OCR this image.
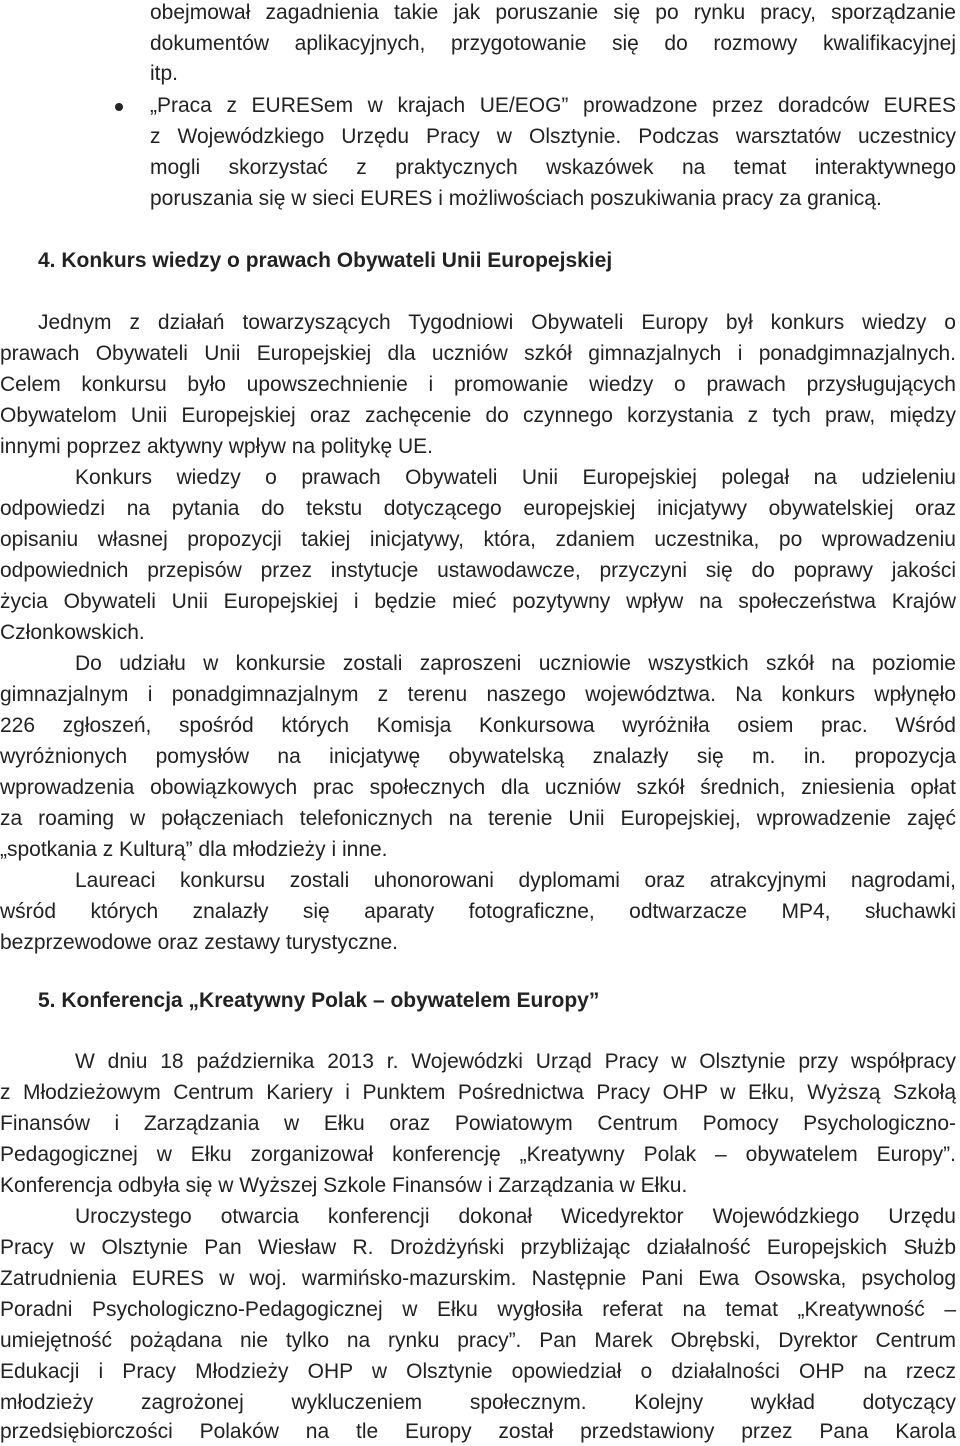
obejmował zagadnienia takie jak poruszanie się po rynku pracy, sporządzanie
dokumentów aplikacyjnych, przygotowanie się do rozmowy kwalifikacyjnej
itp.
„Praca z EURESem w krajach UE/EOG” prowadzone przez doradców EURES
z Wojewódzkiego Urzędu Pracy w Olsztynie. Podczas warsztatów uczestnicy
mogli skorzystać z praktycznych wskazówek na temat interaktywnego
poruszania się w sieci EURES i możliwościach poszukiwania pracy za granicą.
4. Konkurs wiedzy o prawach Obywateli Unii Europejskiej
Jednym z działań towarzyszących Tygodniowi Obywateli Europy był konkurs wiedzy o
prawach Obywateli Unii Europejskiej dla uczniów szkół gimnazjalnych i ponadgimnazjalnych.
Celem konkursu było upowszechnienie i promowanie wiedzy o prawach przysługujących
Obywatelom Unii Europejskiej oraz zachęcenie do czynnego korzystania z tych praw, między
innymi poprzez aktywny wpływ na politykę UE.
Konkurs wiedzy o prawach Obywateli Unii Europejskiej polegał na udzieleniu
odpowiedzi na pytania do tekstu dotyczącego europejskiej inicjatywy obywatelskiej oraz
opisaniu własnej propozycji takiej inicjatywy, która, zdaniem uczestnika, po wprowadzeniu
odpowiednich przepisów przez instytucje ustawodawcze, przyczyni się do poprawy jakości
życia Obywateli Unii Europejskiej i będzie mieć pozytywny wpływ na społeczeństwa Krajów
Członkowskich.
Do udziału w konkursie zostali zaproszeni uczniowie wszystkich szkół na poziomie
gimnazjalnym i ponadgimnazjalnym z terenu naszego województwa. Na konkurs wpłynęło
226 zgłoszeń, spośród których Komisja Konkursowa wyróżniła osiem prac. Wśród
wyróżnionych pomysłów na inicjatywę obywatelską znalazły się m. in. propozycja
wprowadzenia obowiązkowych prac społecznych dla uczniów szkół średnich, zniesienia opłat
za roaming w połączeniach telefonicznych na terenie Unii Europejskiej, wprowadzenie zajęć
„spotkania z Kulturą” dla młodzieży i inne.
Laureaci konkursu zostali uhonorowani dyplomami oraz atrakcyjnymi nagrodami,
wśród których znalazły się aparaty fotograficzne, odtwarzacze MP4, słuchawki
bezprzewodowe oraz zestawy turystyczne.
5. Konferencja „Kreatywny Polak – obywatelem Europy”
W dniu 18 października 2013 r. Wojewódzki Urząd Pracy w Olsztynie przy współpracy
z Młodzieżowym Centrum Kariery i Punktem Pośrednictwa Pracy OHP w Ełku, Wyższą Szkołą
Finansów i Zarządzania w Ełku oraz Powiatowym Centrum Pomocy Psychologiczno-
Pedagogicznej w Ełku zorganizował konferencję „Kreatywny Polak – obywatelem Europy”.
Konferencja odbyła się w Wyższej Szkole Finansów i Zarządzania w Ełku.
Uroczystego otwarcia konferencji dokonał Wicedyrektor Wojewódzkiego Urzędu
Pracy w Olsztynie Pan Wiesław R. Drożdżyński przybliżając działalność Europejskich Służb
Zatrudnienia EURES w woj. warmińsko-mazurskim. Następnie Pani Ewa Osowska, psycholog
Poradni Psychologiczno-Pedagogicznej w Ełku wygłosiła referat na temat „Kreatywność –
umiejętność pożądana nie tylko na rynku pracy”. Pan Marek Obrębski, Dyrektor Centrum
Edukacji i Pracy Młodzieży OHP w Olsztynie opowiedział o działalności OHP na rzecz
młodzieży zagrożonej wykluczeniem społecznym. Kolejny wykład dotyczący
przedsiębiorczości Polaków na tle Europy został przedstawiony przez Pana Karola
